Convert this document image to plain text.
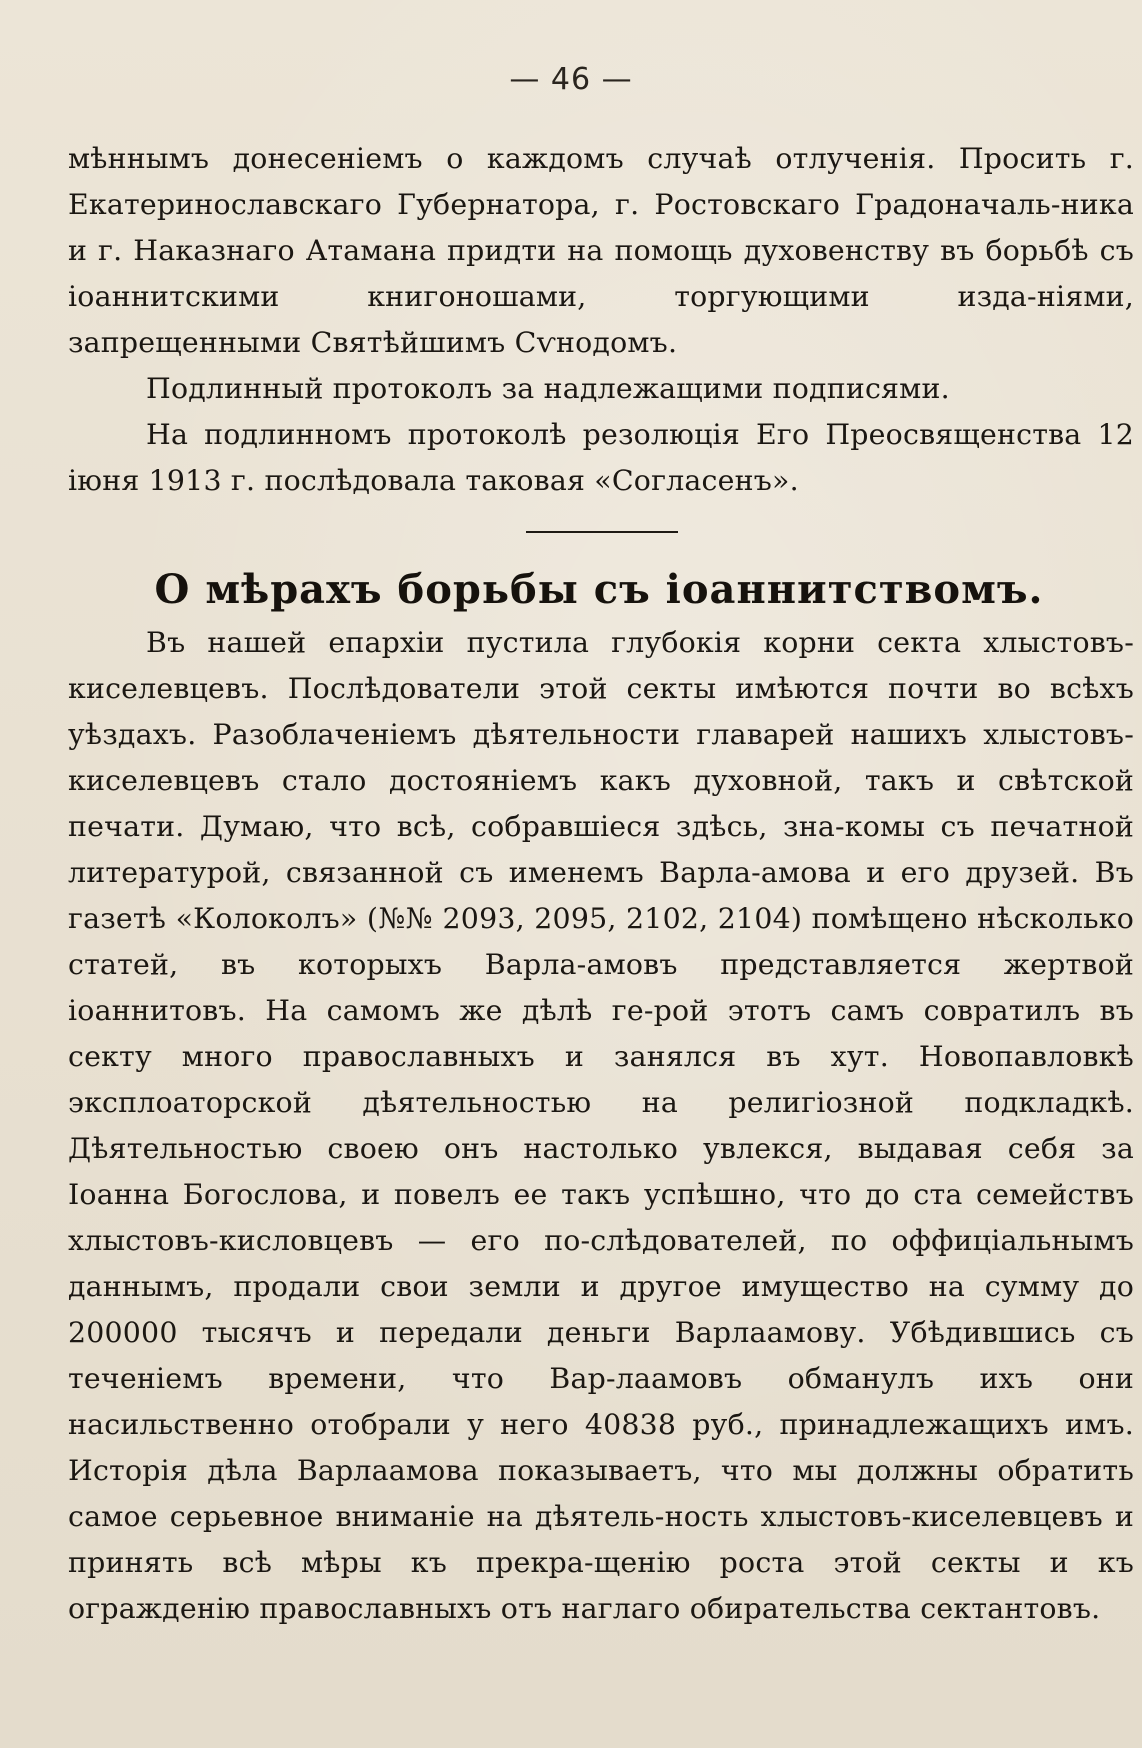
— 46 —

мѣннымъ донесеніемъ о каждомъ случаѣ отлученія. Просить г. Екатеринославскаго Губернатора, г. Ростовскаго Градоначаль-ника и г. Наказнаго Атамана придти на помощь духовенству въ борьбѣ съ іоаннитскими книгоношами, торгующими изда-ніями, запрещенными Святѣйшимъ Сѵнодомъ.

Подлинный протоколъ за надлежащими подписями.

На подлинномъ протоколѣ резолюція Его Преосвященства 12 іюня 1913 г. послѣдовала таковая «Согласенъ».

О мѣрахъ борьбы съ іоаннитствомъ.

Въ нашей епархіи пустила глубокія корни секта хлыстовъ-киселевцевъ. Послѣдователи этой секты имѣются почти во всѣхъ уѣздахъ. Разоблаченіемъ дѣятельности главарей нашихъ хлыстовъ-киселевцевъ стало достояніемъ какъ духовной, такъ и свѣтской печати. Думаю, что всѣ, собравшіеся здѣсь, зна-комы съ печатной литературой, связанной съ именемъ Варла-амова и его друзей. Въ газетѣ «Колоколъ» (№№ 2093, 2095, 2102, 2104) помѣщено нѣсколько статей, въ которыхъ Варла-амовъ представляется жертвой іоаннитовъ. На самомъ же дѣлѣ ге-рой этотъ самъ совратилъ въ секту много православныхъ и занялся въ хут. Новопавловкѣ эксплоаторской дѣятельностью на религіозной подкладкѣ. Дѣятельностью своею онъ настолько увлекся, выдавая себя за Іоанна Богослова, и повелъ ее такъ успѣшно, что до ста семействъ хлыстовъ-кисловцевъ — его по-слѣдователей, по оффиціальнымъ даннымъ, продали свои земли и другое имущество на сумму до 200000 тысячъ и передали деньги Варлаамову. Убѣдившись съ теченіемъ времени, что Вар-лаамовъ обманулъ ихъ они насильственно отобрали у него 40838 руб., принадлежащихъ имъ. Исторія дѣла Варлаамова показываетъ, что мы должны обратить самое серьевное вниманіе на дѣятель-ность хлыстовъ-киселевцевъ и принять всѣ мѣры къ прекра-щенію роста этой секты и къ огражденію православныхъ отъ наглаго обирательства сектантовъ.
